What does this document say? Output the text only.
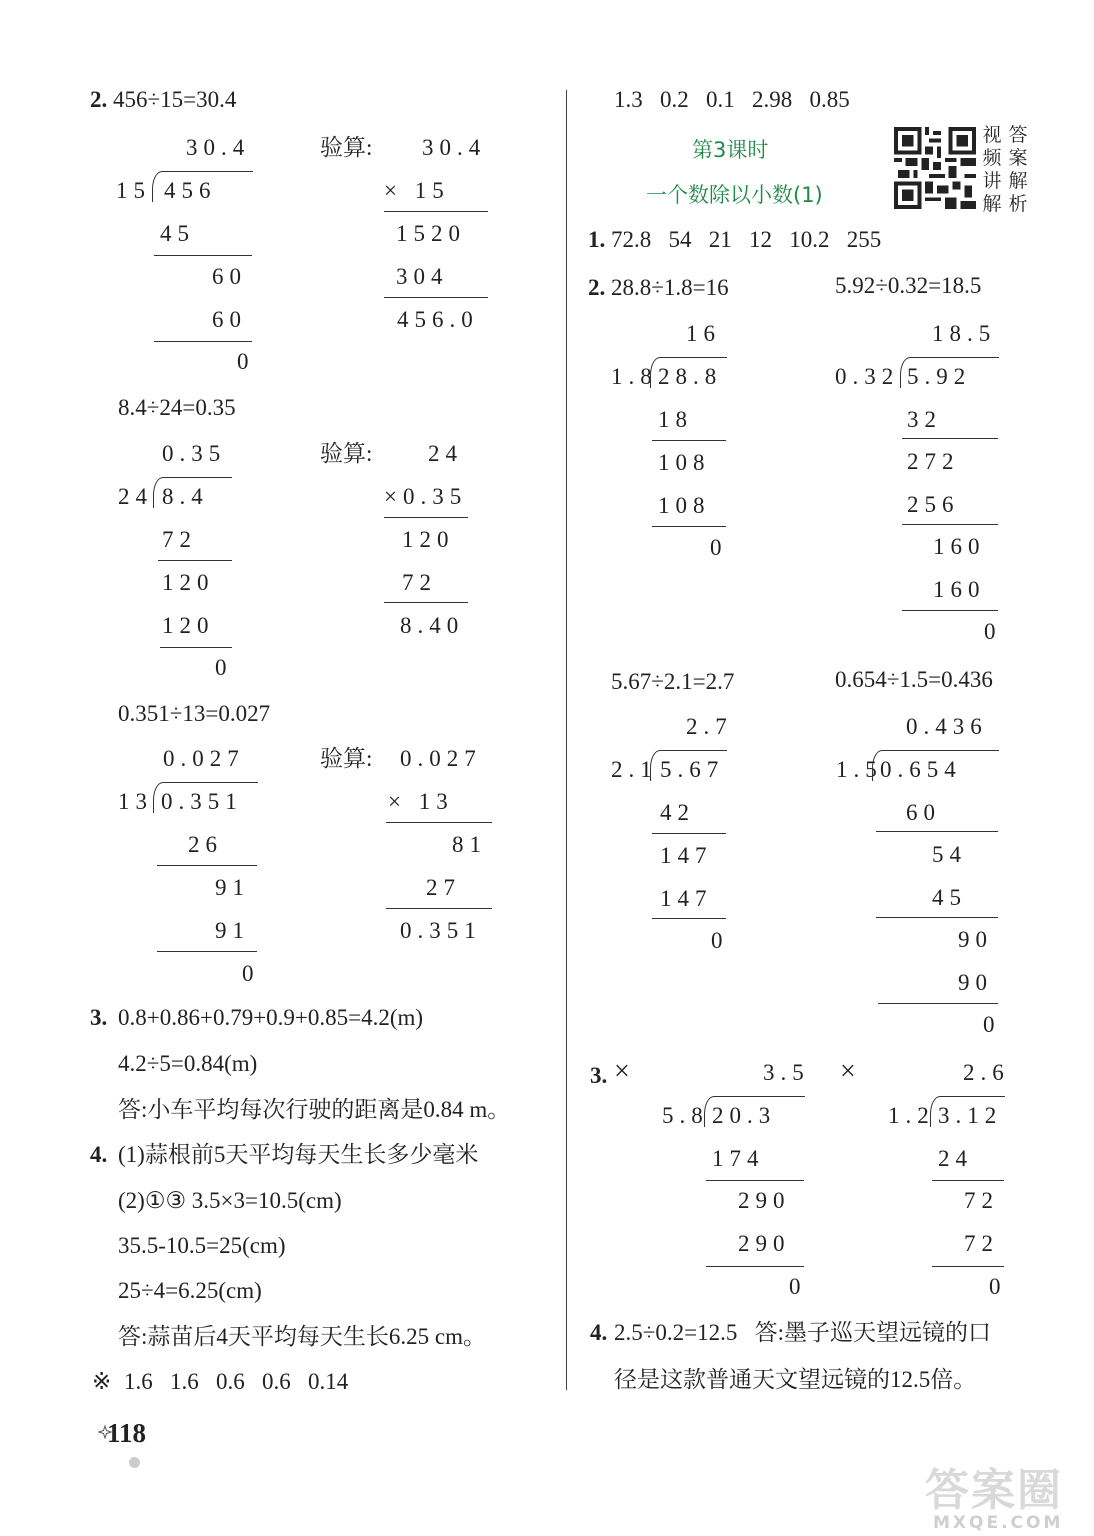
2. 456÷15=30.4
30.4
15 456
45
60
60
0
验算: 30.4
× 15
1520
304
456.0
8.4÷24=0.35
0.35
24 8.4
72
120
120
0
验算: 24
×0.35
120
72
8.40
0.351÷13=0.027
0.027
13 0.351
26
91
91
0
验算: 0.027
× 13
81
27
0.351
3. 0.8+0.86+0.79+0.9+0.85=4.2(m)
4.2÷5=0.84(m)
答:小车平均每次行驶的距离是0.84 m。
4. (1)蒜根前5天平均每天生长多少毫米
(2)①③ 3.5×3=10.5(cm)
35.5-10.5=25(cm)
25÷4=6.25(cm)
答:蒜苗后4天平均每天生长6.25 cm。
※ 1.6   1.6   0.6   0.6   0.14
118
1.3   0.2   0.1   2.98   0.85
第3课时
一个数除以小数(1)
视
频
讲
解
答
案
解
析
1. 72.8   54   21   12   10.2   255
2. 28.8÷1.8=16	5.92÷0.32=18.5
16
1.8 28.8
18
108
108
0
18.5
0.32 5.92
32
272
256
160
160
0
5.67÷2.1=2.7	0.654÷1.5=0.436
2.7
2.1 5.67
42
147
147
0
0.436
1.5
0.654
60
54
45
90
90
0
3. ×	×
3.5
5.8 20.3
174
290
290
0
2.6
1.2 3.12
24
72
72
0
4. 2.5÷0.2=12.5   答:墨子巡天望远镜的口
径是这款普通天文望远镜的12.5倍。
答案圈
MXQE.COM
